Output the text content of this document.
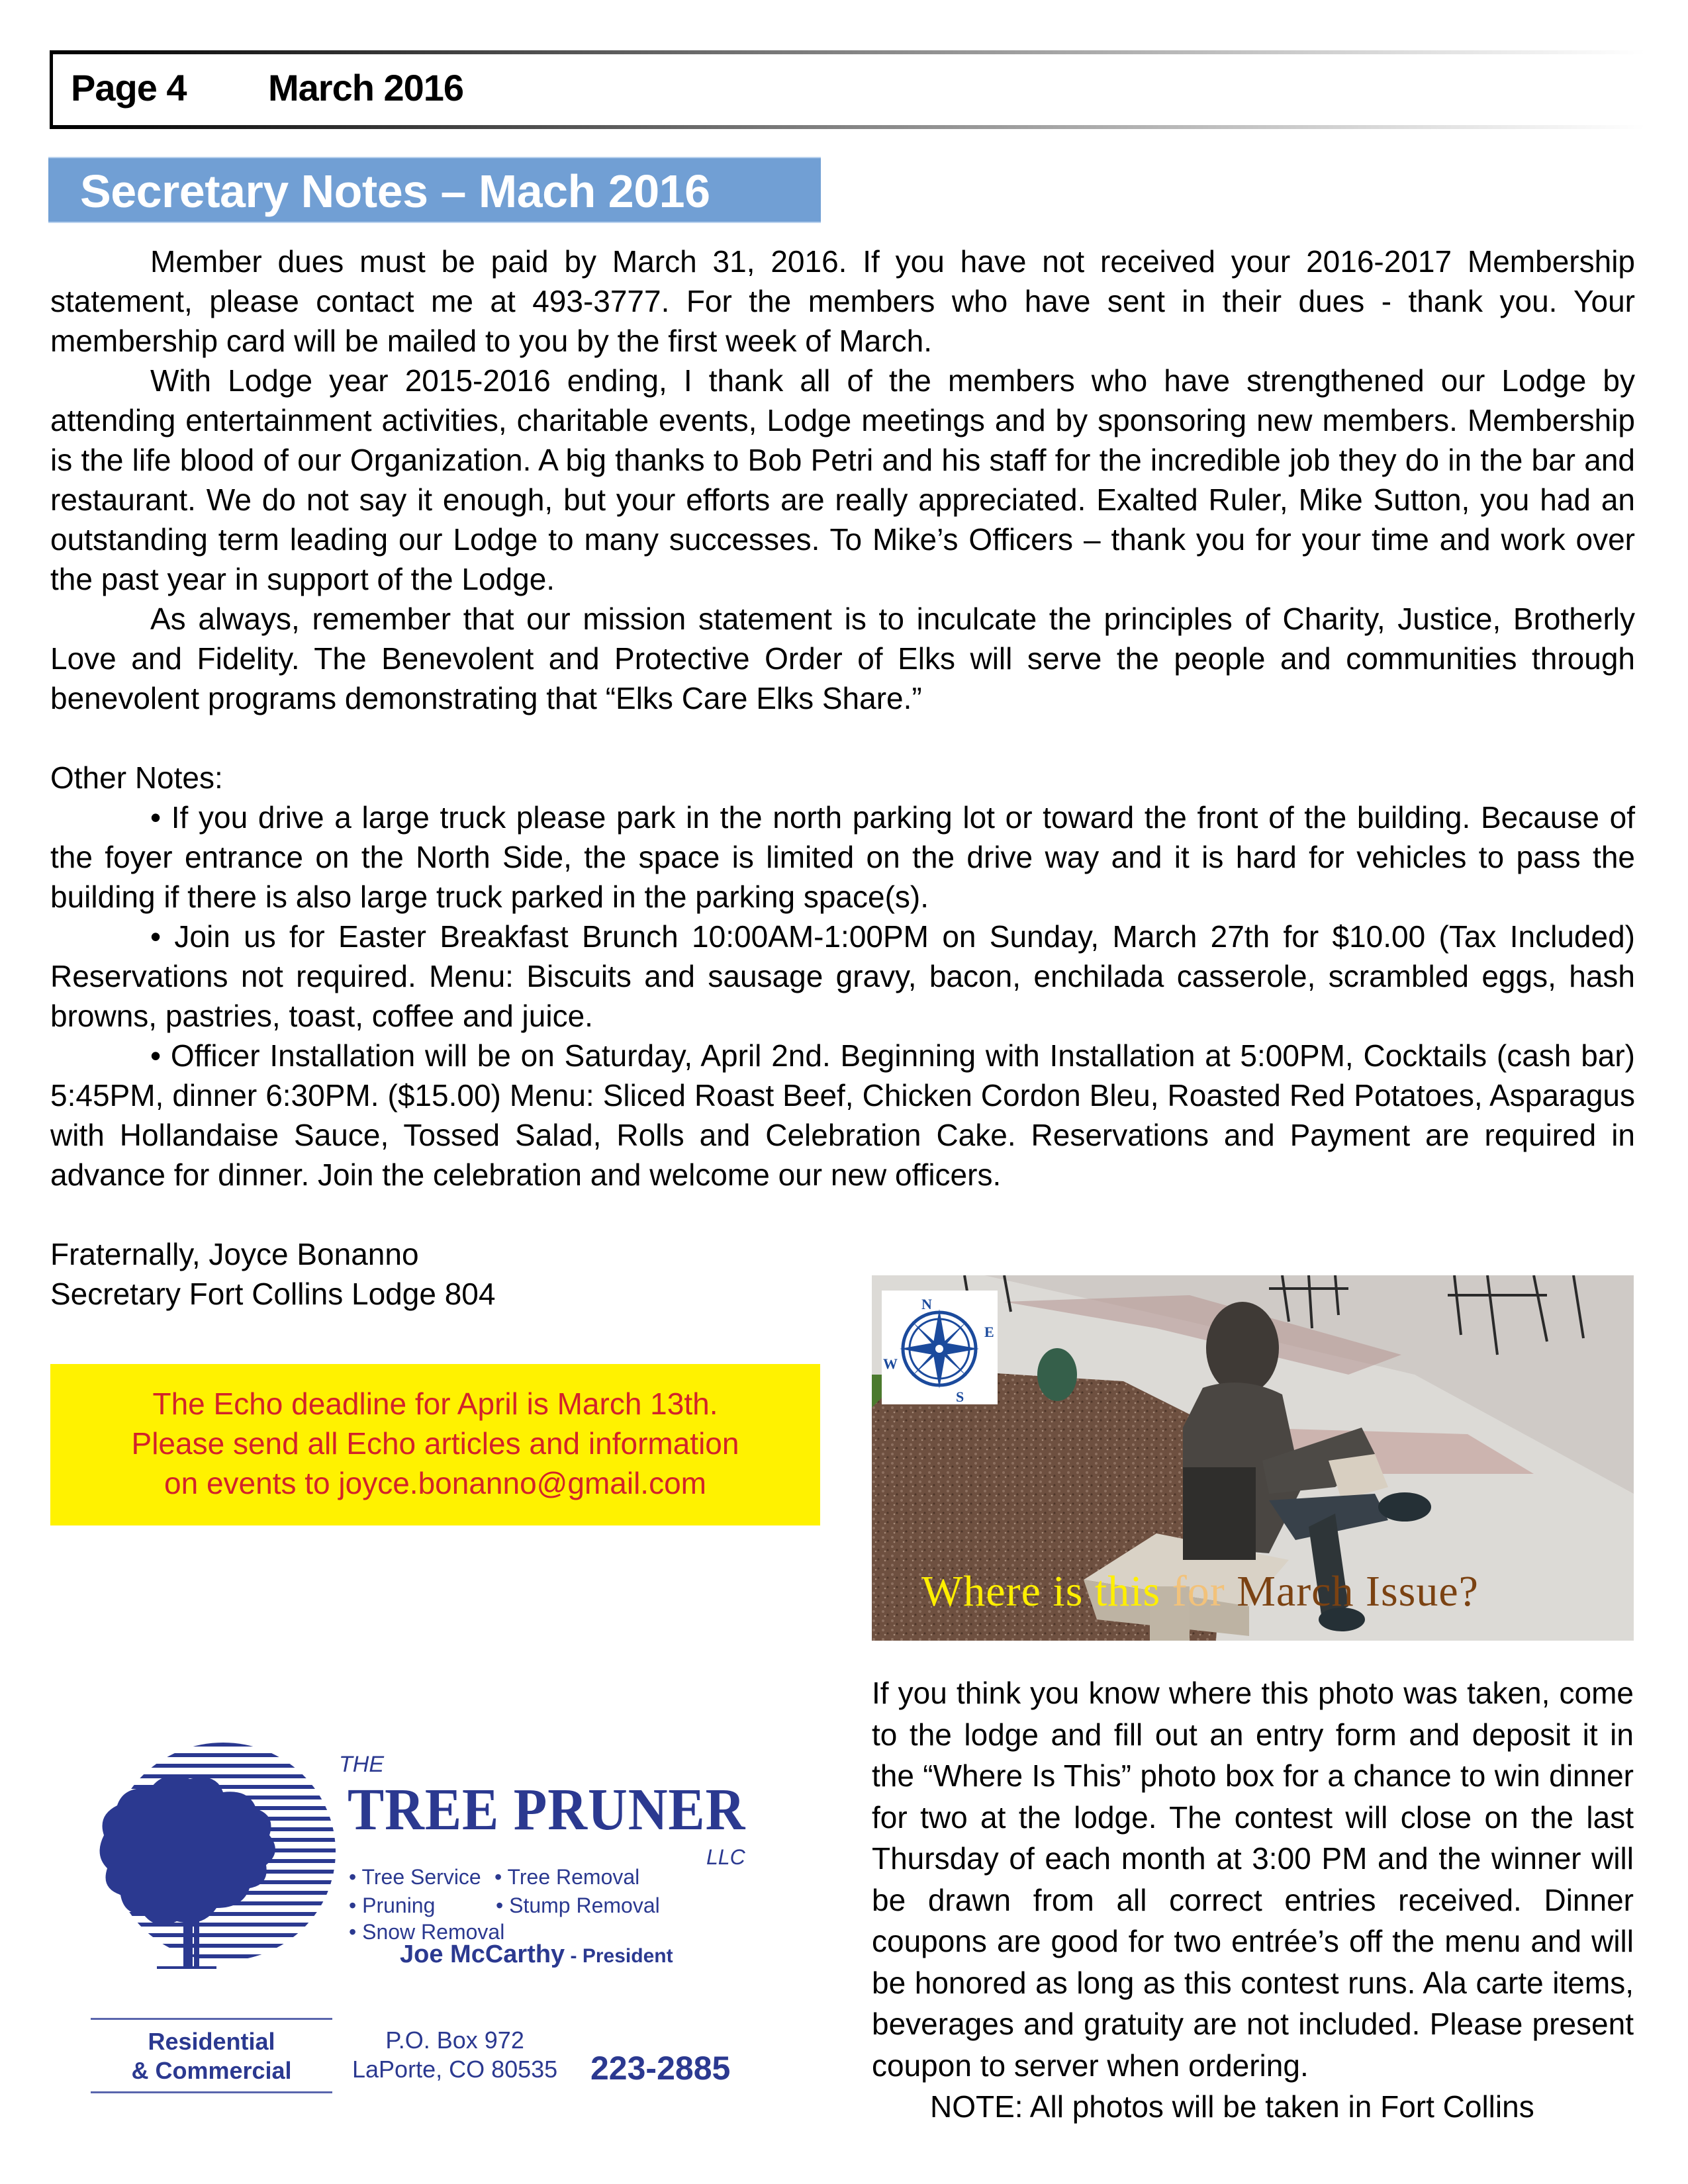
Page 4 March 2016
Secretary Notes – Mach 2016

Member dues must be paid by March 31, 2016. If you have not received your 2016-2017 Membership statement, please contact me at 493-3777. For the members who have sent in their dues - thank you. Your membership card will be mailed to you by the first week of March.

With Lodge year 2015-2016 ending, I thank all of the members who have strengthened our Lodge by attending entertainment activities, charitable events, Lodge meetings and by sponsoring new members. Membership is the life blood of our Organization. A big thanks to Bob Petri and his staff for the incredible job they do in the bar and restaurant. We do not say it enough, but your efforts are really appreciated. Exalted Ruler, Mike Sutton, you had an outstanding term leading our Lodge to many successes. To Mike’s Officers – thank you for your time and work over the past year in support of the Lodge.

As always, remember that our mission statement is to inculcate the principles of Charity, Justice, Brotherly Love and Fidelity. The Benevolent and Protective Order of Elks will serve the people and communities through benevolent programs demonstrating that “Elks Care Elks Share.”

Other Notes:

• If you drive a large truck please park in the north parking lot or toward the front of the building. Because of the foyer entrance on the North Side, the space is limited on the drive way and it is hard for vehicles to pass the building if there is also large truck parked in the parking space(s).

• Join us for Easter Breakfast Brunch 10:00AM-1:00PM on Sunday, March 27th for $10.00 (Tax Included) Reservations not required. Menu: Biscuits and sausage gravy, bacon, enchilada casserole, scrambled eggs, hash browns, pastries, toast, coffee and juice.

• Officer Installation will be on Saturday, April 2nd. Beginning with Installation at 5:00PM, Cocktails (cash bar) 5:45PM, dinner 6:30PM. ($15.00) Menu: Sliced Roast Beef, Chicken Cordon Bleu, Roasted Red Potatoes, Asparagus with Hollandaise Sauce, Tossed Salad, Rolls and Celebration Cake. Reservations and Payment are required in advance for dinner. Join the celebration and welcome our new officers.

Fraternally, Joyce Bonanno

Secretary Fort Collins Lodge 804

The Echo deadline for April is March 13th.
Please send all Echo articles and information
on events to joyce.bonanno@gmail.com
N
E
S
W
Where is this for March Issue?

If you think you know where this photo was taken, come to the lodge and fill out an entry form and deposit it in the “Where Is This” photo box for a chance to win dinner for two at the lodge. The contest will close on the last Thursday of each month at 3:00 PM and the winner will be drawn from all correct entries received. Dinner coupons are good for two entrée’s off the menu and will be honored as long as this contest runs. Ala carte items, beverages and gratuity are not included. Please present coupon to server when ordering.

NOTE: All photos will be taken in Fort Collins

THE
TREE PRUNER
LLC
• Tree Service • Tree Removal
• Pruning	• Stump Removal
• Snow Removal
Joe McCarthy - President
Residential
& Commercial
P.O. Box 972
LaPorte, CO 80535 223-2885
